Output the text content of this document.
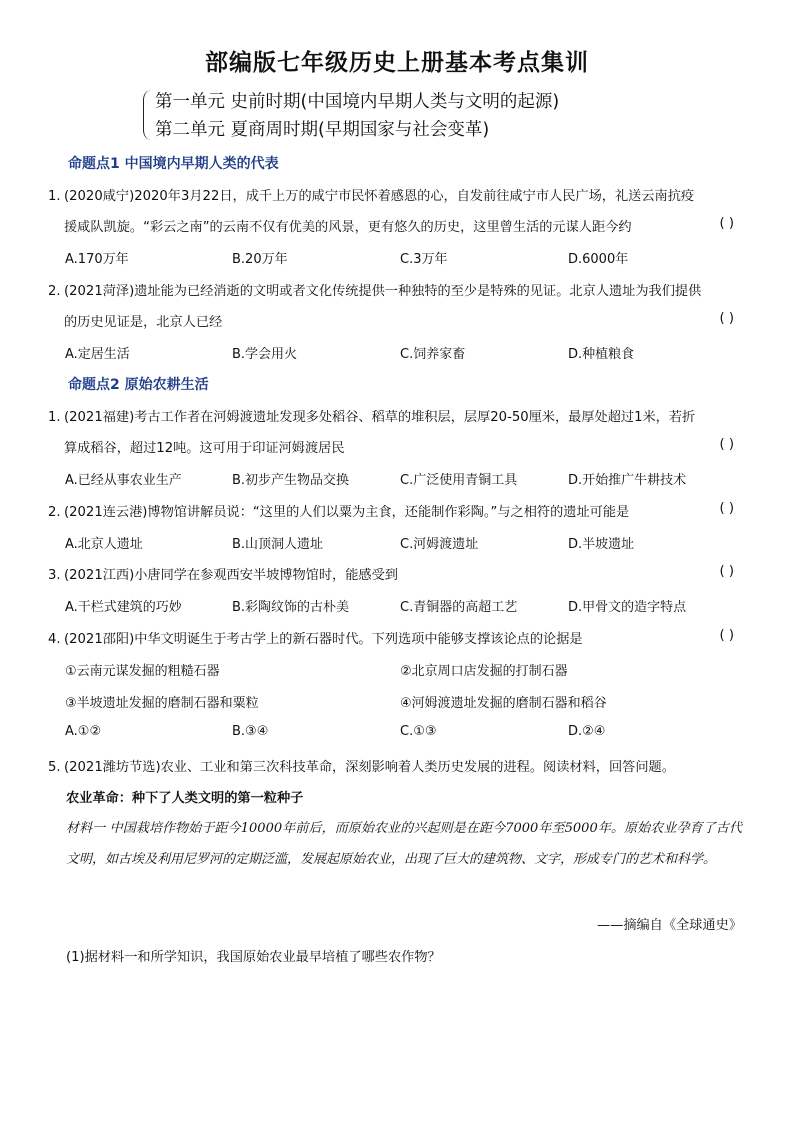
部编版七年级历史上册基本考点集训
第一单元 史前时期(中国境内早期人类与文明的起源)
第二单元 夏商周时期(早期国家与社会变革)
命题点1 中国境内早期人类的代表
1. (2020咸宁)2020年3月22日，成千上万的咸宁市民怀着感恩的心，自发前往咸宁市人民广场，礼送云南抗疫
援咸队凯旋。“彩云之南”的云南不仅有优美的风景，更有悠久的历史，这里曾生活的元谋人距今约	( )
A.170万年	B.20万年	C.3万年	D.6000年
2. (2021菏泽)遗址能为已经消逝的文明或者文化传统提供一种独特的至少是特殊的见证。北京人遗址为我们提供
的历史见证是，北京人已经	( )
A.定居生活	B.学会用火	C.饲养家畜	D.种植粮食
命题点2 原始农耕生活
1. (2021福建)考古工作者在河姆渡遗址发现多处稻谷、稻草的堆积层，层厚20-50厘米，最厚处超过1米，若折
算成稻谷，超过12吨。这可用于印证河姆渡居民	( )
A.已经从事农业生产	B.初步产生物品交换	C.广泛使用青铜工具	D.开始推广牛耕技术
2. (2021连云港)博物馆讲解员说：“这里的人们以粟为主食，还能制作彩陶。”与之相符的遗址可能是	( )
A.北京人遗址	B.山顶洞人遗址	C.河姆渡遗址	D.半坡遗址
3. (2021江西)小唐同学在参观西安半坡博物馆时，能感受到	( )
A.干栏式建筑的巧妙	B.彩陶纹饰的古朴美	C.青铜器的高超工艺	D.甲骨文的造字特点
4. (2021邵阳)中华文明诞生于考古学上的新石器时代。下列选项中能够支撑该论点的论据是	( )
①云南元谋发掘的粗糙石器	②北京周口店发掘的打制石器
③半坡遗址发掘的磨制石器和粟粒	④河姆渡遗址发掘的磨制石器和稻谷
A.①②	B.③④	C.①③	D.②④
5. (2021潍坊节选)农业、工业和第三次科技革命，深刻影响着人类历史发展的进程。阅读材料，回答问题。
农业革命：种下了人类文明的第一粒种子
材料一 中国栽培作物始于距今10000年前后，而原始农业的兴起则是在距今7000年至5000年。原始农业孕育了古代文明，如古埃及利用尼罗河的定期泛滥，发展起原始农业，出现了巨大的建筑物、文字，形成专门的艺术和科学。
——摘编自《全球通史》
(1)据材料一和所学知识，我国原始农业最早培植了哪些农作物？
